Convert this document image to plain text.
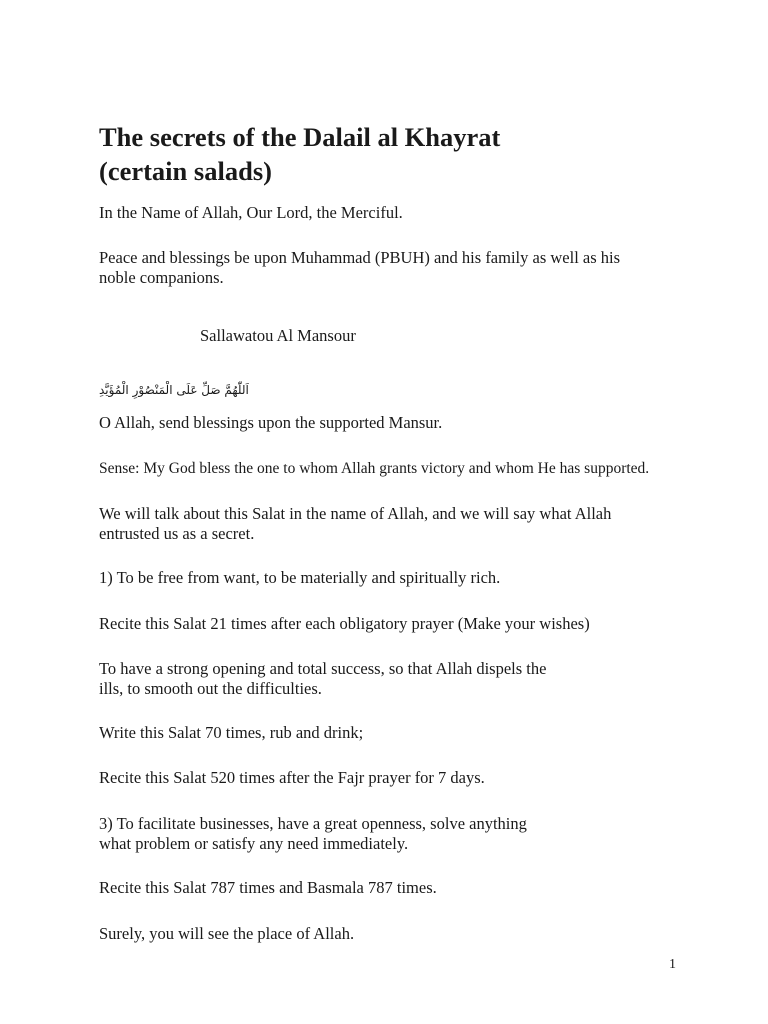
The secrets of the Dalail al Khayrat
(certain salads)

In the Name of Allah, Our Lord, the Merciful.

Peace and blessings be upon Muhammad (PBUH) and his family as well as his
noble companions.

Sallawatou Al Mansour

اَللّٰهُمَّ صَلِّ عَلَى الْمَنْصُوْرِ الْمُؤَيَّدِ

O Allah, send blessings upon the supported Mansur.

Sense: My God bless the one to whom Allah grants victory and whom He has supported.

We will talk about this Salat in the name of Allah, and we will say what Allah
entrusted us as a secret.

1) To be free from want, to be materially and spiritually rich.

Recite this Salat 21 times after each obligatory prayer (Make your wishes)

To have a strong opening and total success, so that Allah dispels the
ills, to smooth out the difficulties.

Write this Salat 70 times, rub and drink;

Recite this Salat 520 times after the Fajr prayer for 7 days.

3) To facilitate businesses, have a great openness, solve anything
what problem or satisfy any need immediately.

Recite this Salat 787 times and Basmala 787 times.

Surely, you will see the place of Allah.

1
